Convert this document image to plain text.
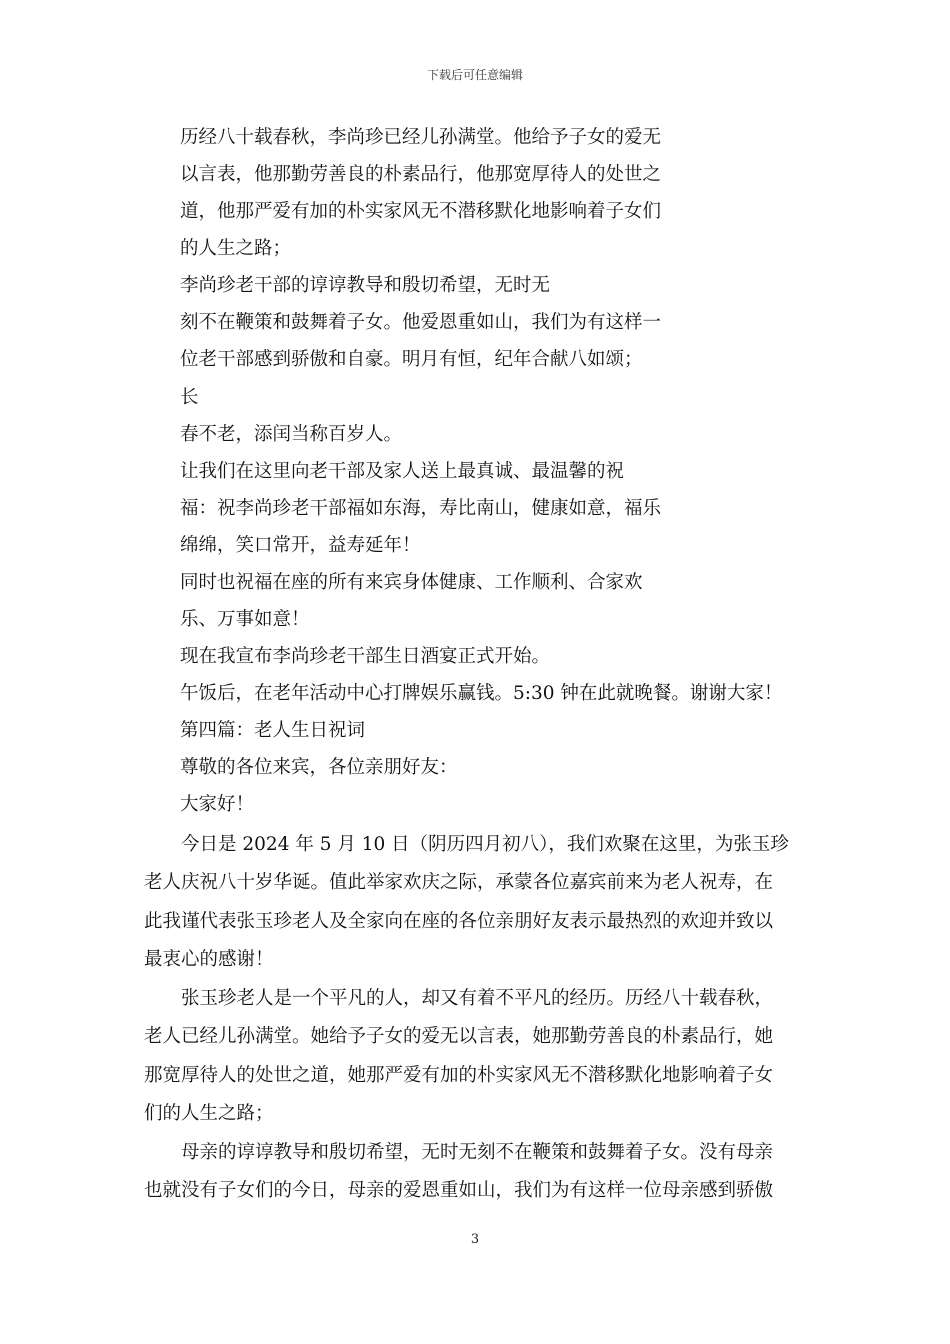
下载后可任意编辑
历经八十载春秋，李尚珍已经儿孙满堂。他给予子女的爱无
以言表，他那勤劳善良的朴素品行，他那宽厚待人的处世之
道，他那严爱有加的朴实家风无不潜移默化地影响着子女们
的人生之路；
李尚珍老干部的谆谆教导和殷切希望，无时无
刻不在鞭策和鼓舞着子女。他爱恩重如山，我们为有这样一
位老干部感到骄傲和自豪。明月有恒，纪年合献八如颂；
长
春不老，添闰当称百岁人。
让我们在这里向老干部及家人送上最真诚、最温馨的祝
福：祝李尚珍老干部福如东海，寿比南山，健康如意，福乐
绵绵，笑口常开，益寿延年！
同时也祝福在座的所有来宾身体健康、工作顺利、合家欢
乐、万事如意！
现在我宣布李尚珍老干部生日酒宴正式开始。
午饭后，在老年活动中心打牌娱乐赢钱。5:30 钟在此就晚餐。谢谢大家！
第四篇：老人生日祝词
尊敬的各位来宾，各位亲朋好友：
大家好！
今日是 2024 年 5 月 10 日（阴历四月初八），我们欢聚在这里，为张玉珍
老人庆祝八十岁华诞。值此举家欢庆之际，承蒙各位嘉宾前来为老人祝寿，在
此我谨代表张玉珍老人及全家向在座的各位亲朋好友表示最热烈的欢迎并致以
最衷心的感谢！
张玉珍老人是一个平凡的人，却又有着不平凡的经历。历经八十载春秋，
老人已经儿孙满堂。她给予子女的爱无以言表，她那勤劳善良的朴素品行，她
那宽厚待人的处世之道，她那严爱有加的朴实家风无不潜移默化地影响着子女
们的人生之路；
母亲的谆谆教导和殷切希望，无时无刻不在鞭策和鼓舞着子女。没有母亲
也就没有子女们的今日，母亲的爱恩重如山，我们为有这样一位母亲感到骄傲
3
